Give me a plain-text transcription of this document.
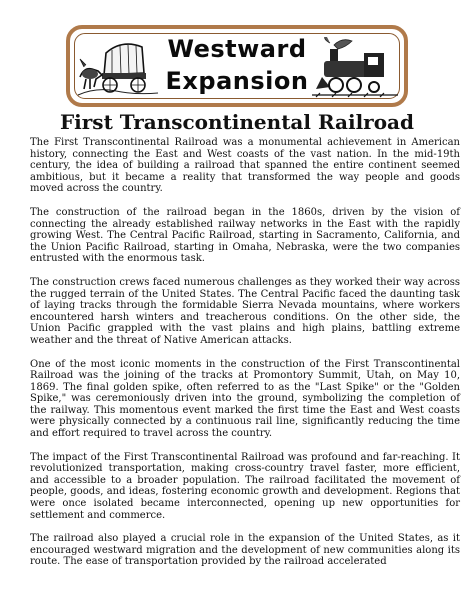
Westward
Expansion
First Transcontinental Railroad

The First Transcontinental Railroad was a monumental achievement in American history, connecting the East and West coasts of the vast nation. In the mid-19th century, the idea of building a railroad that spanned the entire continent seemed ambitious, but it became a reality that transformed the way people and goods moved across the country.

The construction of the railroad began in the 1860s, driven by the vision of connecting the already established railway networks in the East with the rapidly growing West. The Central Pacific Railroad, starting in Sacramento, California, and the Union Pacific Railroad, starting in Omaha, Nebraska, were the two companies entrusted with the enormous task.

The construction crews faced numerous challenges as they worked their way across the rugged terrain of the United States. The Central Pacific faced the daunting task of laying tracks through the formidable Sierra Nevada mountains, where workers encountered harsh winters and treacherous conditions. On the other side, the Union Pacific grappled with the vast plains and high plains, battling extreme weather and the threat of Native American attacks.

One of the most iconic moments in the construction of the First Transcontinental Railroad was the joining of the tracks at Promontory Summit, Utah, on May 10, 1869. The final golden spike, often referred to as the "Last Spike" or the "Golden Spike," was ceremoniously driven into the ground, symbolizing the completion of the railway. This momentous event marked the first time the East and West coasts were physically connected by a continuous rail line, significantly reducing the time and effort required to travel across the country.

The impact of the First Transcontinental Railroad was profound and far-reaching. It revolutionized transportation, making cross-country travel faster, more efficient, and accessible to a broader population. The railroad facilitated the movement of people, goods, and ideas, fostering economic growth and development. Regions that were once isolated became interconnected, opening up new opportunities for settlement and commerce.

The railroad also played a crucial role in the expansion of the United States, as it encouraged westward migration and the development of new communities along its route. The ease of transportation provided by the railroad accelerated
